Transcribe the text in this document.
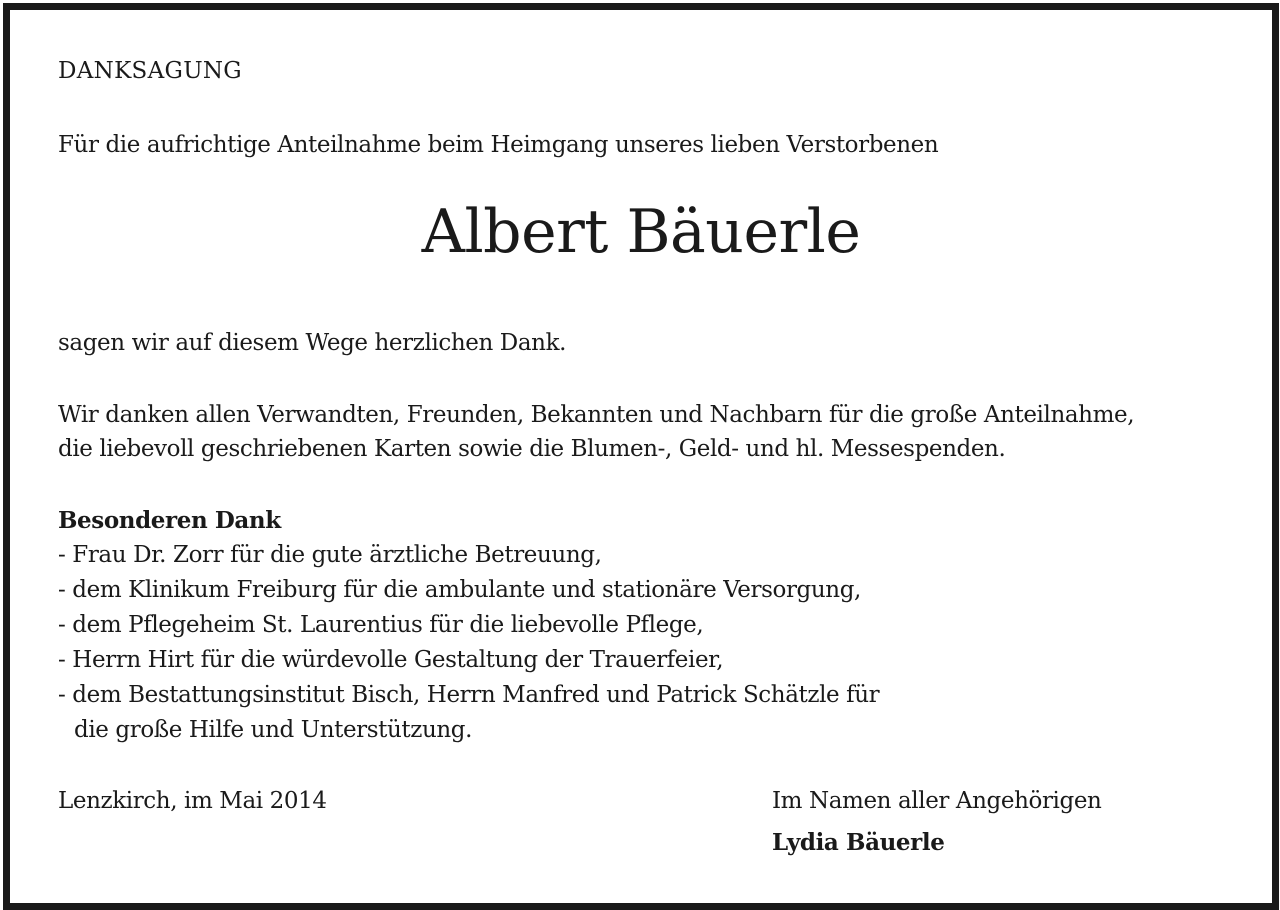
DANKSAGUNG
Für die aufrichtige Anteilnahme beim Heimgang unseres lieben Verstorbenen
Albert Bäuerle
sagen wir auf diesem Wege herzlichen Dank.
Wir danken allen Verwandten, Freunden, Bekannten und Nachbarn für die große Anteilnahme,
die liebevoll geschriebenen Karten sowie die Blumen-, Geld- und hl. Messespenden.
Besonderen Dank
- Frau Dr. Zorr für die gute ärztliche Betreuung,
- dem Klinikum Freiburg für die ambulante und stationäre Versorgung,
- dem Pflegeheim St. Laurentius für die liebevolle Pflege,
- Herrn Hirt für die würdevolle Gestaltung der Trauerfeier,
- dem Bestattungsinstitut Bisch, Herrn Manfred und Patrick Schätzle für
die große Hilfe und Unterstützung.
Lenzkirch, im Mai 2014	Im Namen aller Angehörigen
Lydia Bäuerle
